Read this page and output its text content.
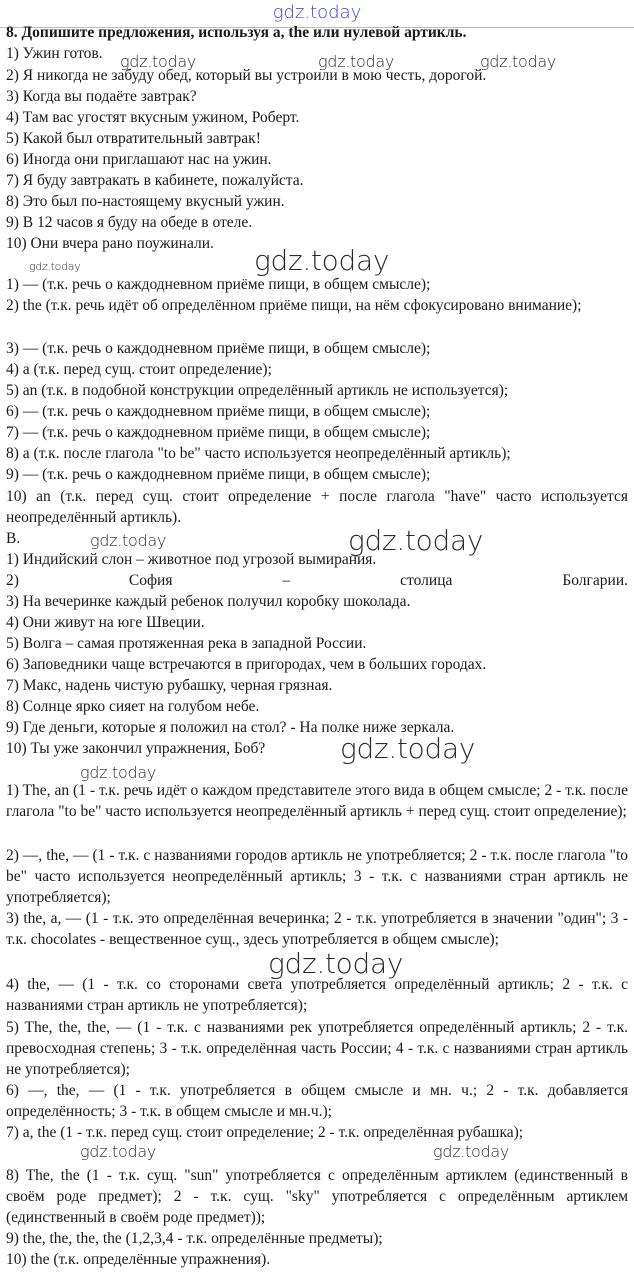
gdz.today

8. Допишите предложения, используя a, the или нулевой артикль.

1) Ужин готов.

2) Я никогда не забуду обед, который вы устроили в мою честь, дорогой.

3) Когда вы подаёте завтрак?

4) Там вас угостят вкусным ужином, Роберт.

5) Какой был отвратительный завтрак!

6) Иногда они приглашают нас на ужин.

7) Я буду завтракать в кабинете, пожалуйста.

8) Это был по-настоящему вкусный ужин.

9) В 12 часов я буду на обеде в отеле.

10) Они вчера рано поужинали.

1) — (т.к. речь о каждодневном приёме пищи, в общем смысле);

2) the (т.к. речь идёт об определённом приёме пищи, на нём сфокусировано внимание);

3) — (т.к. речь о каждодневном приёме пищи, в общем смысле);

4) a (т.к. перед сущ. стоит определение);

5) an (т.к. в подобной конструкции определённый артикль не используется);

6) — (т.к. речь о каждодневном приёме пищи, в общем смысле);

7) — (т.к. речь о каждодневном приёме пищи, в общем смысле);

8) a (т.к. после глагола "to be" часто используется неопределённый артикль);

9) — (т.к. речь о каждодневном приёме пищи, в общем смысле);

10) an (т.к. перед сущ. стоит определение + после глагола "have" часто используется неопределённый артикль).

B.

1) Индийский слон – животное под угрозой вымирания.

2) София – столица Болгарии.

3) На вечеринке каждый ребенок получил коробку шоколада.

4) Они живут на юге Швеции.

5) Волга – самая протяженная река в западной России.

6) Заповедники чаще встречаются в пригородах, чем в больших городах.

7) Макс, надень чистую рубашку, черная грязная.

8) Солнце ярко сияет на голубом небе.

9) Где деньги, которые я положил на стол? - На полке ниже зеркала.

10) Ты уже закончил упражнения, Боб?

1) The, an (1 - т.к. речь идёт о каждом представителе этого вида в общем смысле; 2 - т.к. после глагола "to be" часто используется неопределённый артикль + перед сущ. стоит определение);

2) —, the, — (1 - т.к. с названиями городов артикль не употребляется; 2 - т.к. после глагола "to be" часто используется неопределённый артикль; 3 - т.к. с названиями стран артикль не употребляется);

3) the, a, — (1 - т.к. это определённая вечеринка; 2 - т.к. употребляется в значении "один"; 3 - т.к. chocolates - вещественное сущ., здесь употребляется в общем смысле);

4) the, — (1 - т.к. со сторонами света употребляется определённый артикль; 2 - т.к. с названиями стран артикль не употребляется);

5) The, the, the, — (1 - т.к. с названиями рек употребляется определённый артикль; 2 - т.к. превосходная степень; 3 - т.к. определённая часть России; 4 - т.к. с названиями стран артикль не употребляется);

6) —, the, — (1 - т.к. употребляется в общем смысле и мн. ч.; 2 - т.к. добавляется определённость; 3 - т.к. в общем смысле и мн.ч.);

7) a, the (1 - т.к. перед сущ. стоит определение; 2 - т.к. определённая рубашка);

8) The, the (1 - т.к. сущ. "sun" употребляется с определённым артиклем (единственный в своём роде предмет); 2 - т.к. сущ. "sky" употребляется с определённым артиклем (единственный в своём роде предмет));

9) the, the, the, the (1,2,3,4 - т.к. определённые предметы);

10) the (т.к. определённые упражнения).

gdz.today	gdz.today	gdz.today
gdz.today	gdz.today
gdz.today	gdz.today
gdz.today
gdz.today
gdz.today
gdz.today	gdz.today
